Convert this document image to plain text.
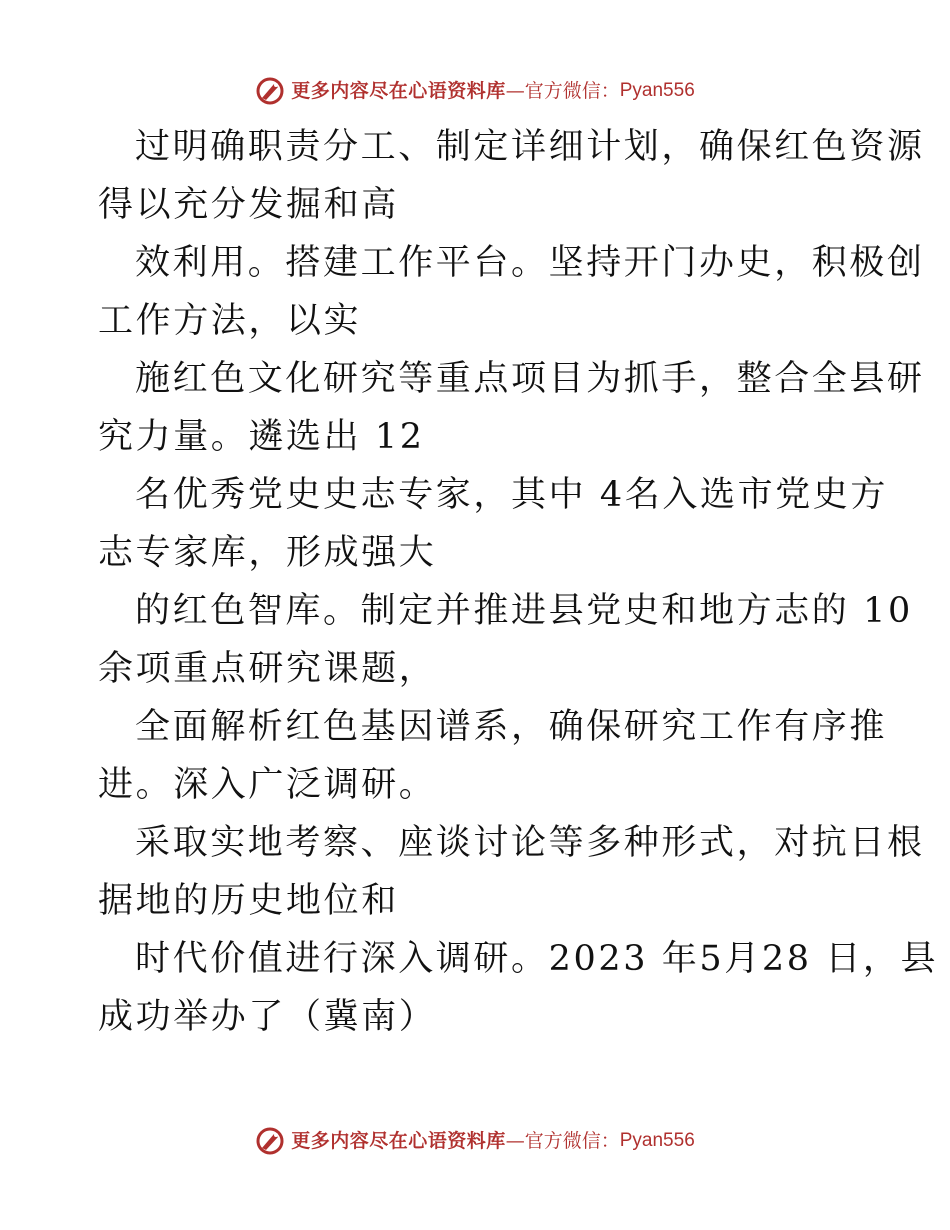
更多内容尽在心语资料库—官方微信：Pyan556

过明确职责分工、制定详细计划，确保红色资源
得以充分发掘和高

效利用。搭建工作平台。坚持开门办史，积极创
工作方法，以实

施红色文化研究等重点项目为抓手，整合全县研
究力量。遴选出 12

名优秀党史史志专家，其中 4名入选市党史方
志专家库，形成强大

的红色智库。制定并推进县党史和地方志的 10
余项重点研究课题，

全面解析红色基因谱系，确保研究工作有序推
进。深入广泛调研。

采取实地考察、座谈讨论等多种形式，对抗日根
据地的历史地位和

时代价值进行深入调研。2023 年5月28 日，县
成功举办了（冀南）

更多内容尽在心语资料库—官方微信：Pyan556
